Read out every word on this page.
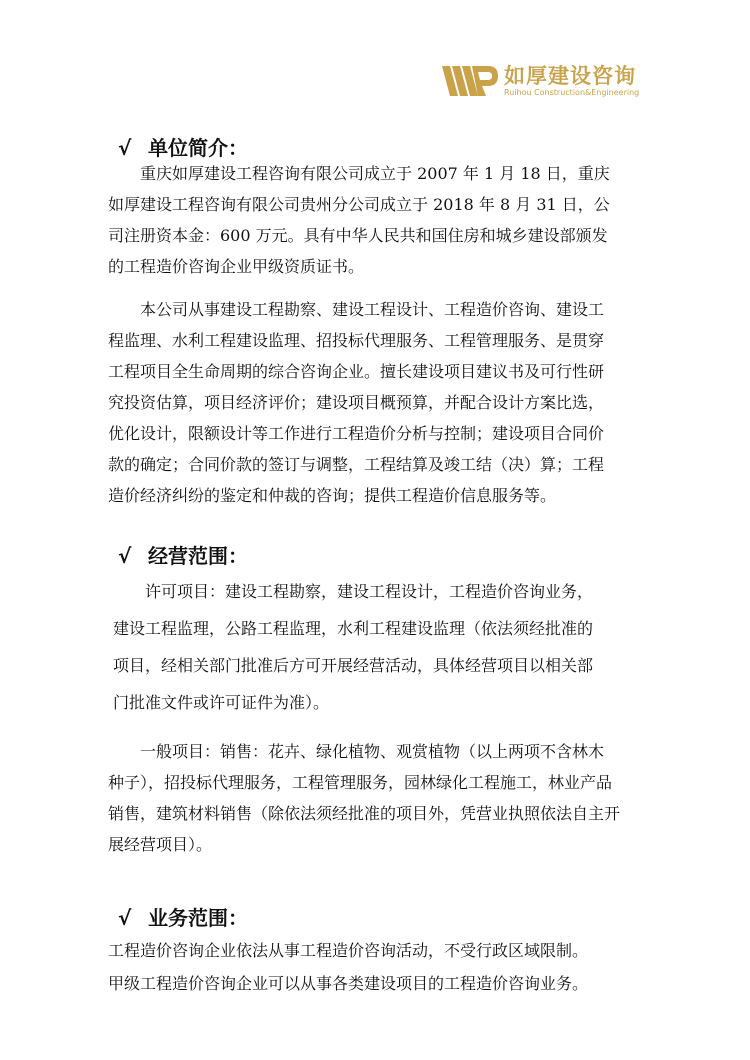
如厚建设咨询
Ruihou Construction&Engineering
√ 单位简介：

重庆如厚建设工程咨询有限公司成立于 2007 年 1 月 18 日，重庆
如厚建设工程咨询有限公司贵州分公司成立于 2018 年 8 月 31 日，公
司注册资本金：600 万元。具有中华人民共和国住房和城乡建设部颁发
的工程造价咨询企业甲级资质证书。

本公司从事建设工程勘察、建设工程设计、工程造价咨询、建设工
程监理、水利工程建设监理、招投标代理服务、工程管理服务、是贯穿
工程项目全生命周期的综合咨询企业。擅长建设项目建议书及可行性研
究投资估算，项目经济评价；建设项目概预算，并配合设计方案比选，
优化设计，限额设计等工作进行工程造价分析与控制；建设项目合同价
款的确定；合同价款的签订与调整，工程结算及竣工结（决）算；工程
造价经济纠纷的鉴定和仲裁的咨询；提供工程造价信息服务等。

√ 经营范围：

许可项目：建设工程勘察，建设工程设计，工程造价咨询业务，
建设工程监理，公路工程监理，水利工程建设监理（依法须经批准的
项目，经相关部门批准后方可开展经营活动，具体经营项目以相关部
门批准文件或许可证件为准）。

一般项目：销售：花卉、绿化植物、观赏植物（以上两项不含林木
种子），招投标代理服务，工程管理服务，园林绿化工程施工，林业产品
销售，建筑材料销售（除依法须经批准的项目外，凭营业执照依法自主开
展经营项目）。

√ 业务范围：

工程造价咨询企业依法从事工程造价咨询活动，不受行政区域限制。
甲级工程造价咨询企业可以从事各类建设项目的工程造价咨询业务。
